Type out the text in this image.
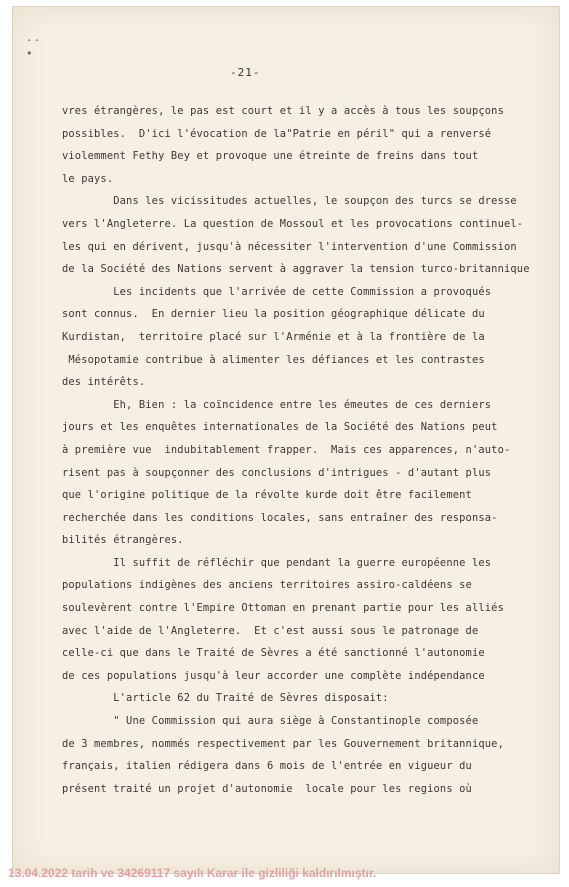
·· •
-21-
vres étrangères, le pas est court et il y a accès à tous les soupçons
possibles.  D'ici l'évocation de la"Patrie en péril" qui a renversé
violemment Fethy Bey et provoque une étreinte de freins dans tout
le pays.
Dans les vicissitudes actuelles, le soupçon des turcs se dresse
vers l'Angleterre. La question de Mossoul et les provocations continuel-
les qui en dérivent, jusqu'à nécessiter l'intervention d'une Commission
de la Société des Nations servent à aggraver la tension turco-britannique
Les incidents que l'arrivée de cette Commission a provoqués
sont connus.  En dernier lieu la position géographique délicate du
Kurdistan,  territoire placé sur l'Arménie et à la frontière de la
Mésopotamie contribue à alimenter les défiances et les contrastes
des intérêts.
Eh, Bien : la coïncidence entre les émeutes de ces derniers
jours et les enquêtes internationales de la Société des Nations peut
à première vue  indubitablement frapper.  Mais ces apparences, n'auto-
risent pas à soupçonner des conclusions d'intrigues - d'autant plus
que l'origine politique de la révolte kurde doit être facilement
recherchée dans les conditions locales, sans entraîner des responsa-
bilités étrangères.
Il suffit de réfléchir que pendant la guerre européenne les
populations indigènes des anciens territoires assiro-caldéens se
soulevèrent contre l'Empire Ottoman en prenant partie pour les alliés
avec l'aide de l'Angleterre.  Et c'est aussi sous le patronage de
celle-ci que dans le Traité de Sèvres a été sanctionné l'autonomie
de ces populations jusqu'à leur accorder une complète indépendance
L'article 62 du Traité de Sèvres disposait:
" Une Commission qui aura siège à Constantinople composée
de 3 membres, nommés respectivement par les Gouvernement britannique,
français, italien rédigera dans 6 mois de l'entrée en vigueur du
présent traité un projet d'autonomie  locale pour les regions où
13.04.2022 tarih ve 34269117 sayılı Karar ile gizliliği kaldırılmıştır.
